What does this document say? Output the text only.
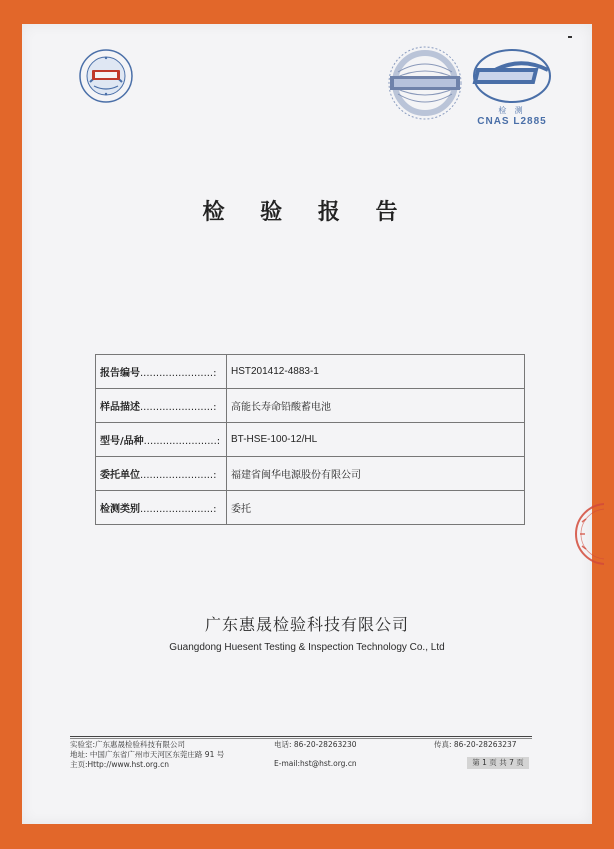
检 测
CNAS L2885
检 验 报 告
报告编号.......................:	HST201412-4883-1
样品描述.......................:	高能长寿命铅酸蓄电池
型号/品种.......................:	BT-HSE-100-12/HL
委托单位.......................:	福建省闽华电源股份有限公司
检测类别.......................:	委托
广东惠晟检验科技有限公司
Guangdong Huesent Testing & Inspection Technology Co., Ltd
实验室:广东惠晟检验科技有限公司	电话: 86-20-28263230	传真: 86-20-28263237
地址: 中国广东省广州市天河区东莞庄路 91 号
主页:Http://www.hst.org.cn	E-mail:hst@hst.org.cn	第 1 页 共 7 页
